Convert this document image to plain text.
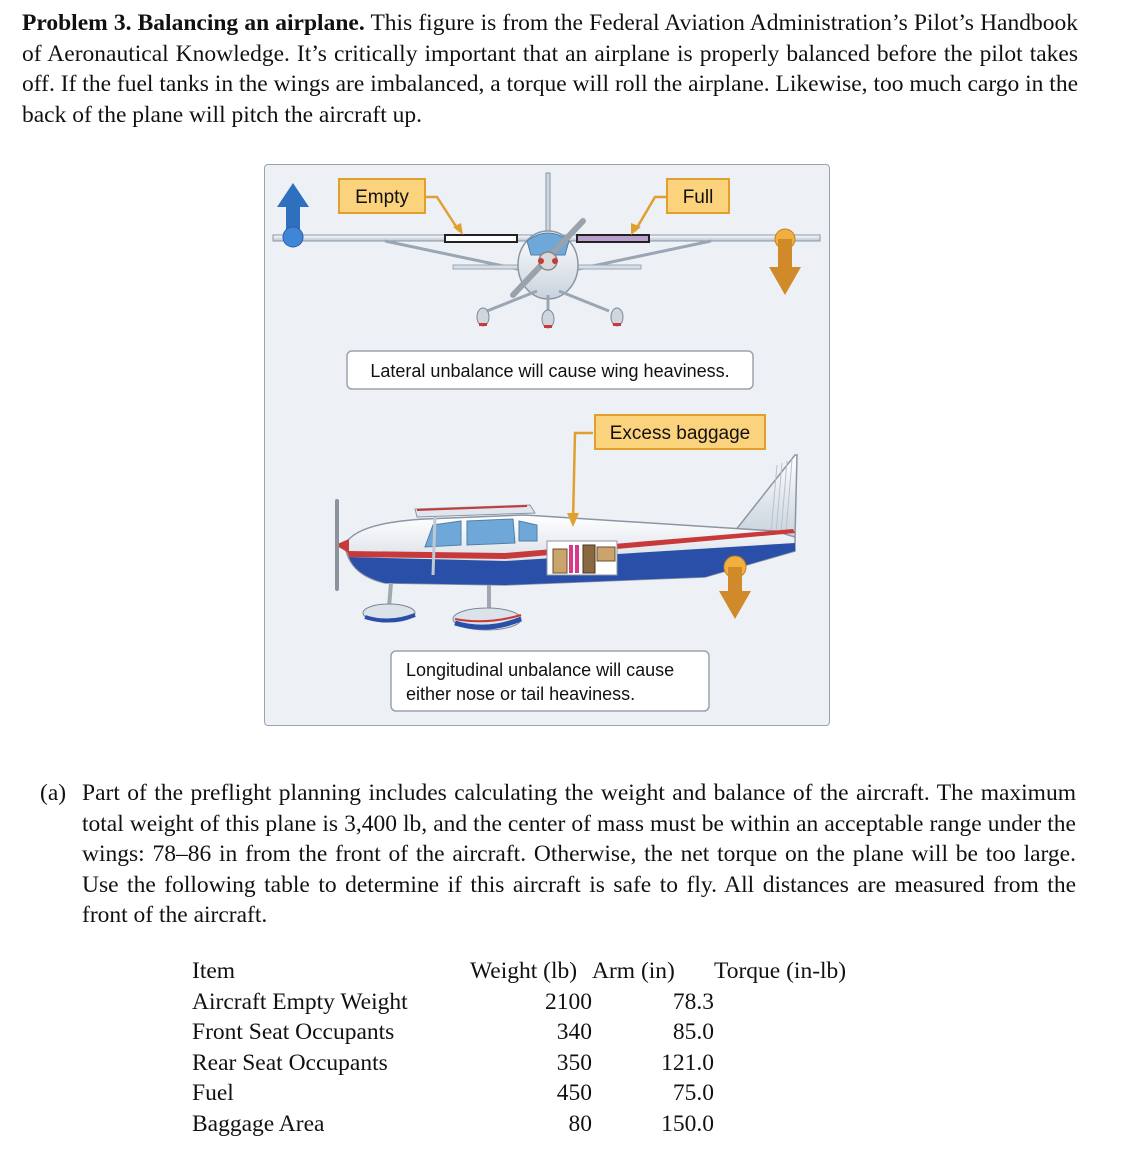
Problem 3. Balancing an airplane. This figure is from the Federal Aviation Administration’s Pilot’s Handbook of Aeronautical Knowledge. It’s critically important that an airplane is properly balanced before the pilot takes off. If the fuel tanks in the wings are imbalanced, a torque will roll the airplane. Likewise, too much cargo in the back of the plane will pitch the aircraft up.
Empty	Full
Lateral unbalance will cause wing heaviness.
Excess baggage
Longitudinal unbalance will cause
either nose or tail heaviness.
(a) Part of the preflight planning includes calculating the weight and balance of the aircraft. The maximum total weight of this plane is 3,400 lb, and the center of mass must be within an acceptable range under the wings: 78–86 in from the front of the aircraft. Otherwise, the net torque on the plane will be too large. Use the following table to determine if this aircraft is safe to fly. All distances are measured from the front of the aircraft.
Item	Weight (lb)	Arm (in)	Torque (in-lb)
Aircraft Empty Weight	2100	78.3	
Front Seat Occupants	340	85.0	
Rear Seat Occupants	350	121.0	
Fuel	450	75.0	
Baggage Area	80	150.0	
